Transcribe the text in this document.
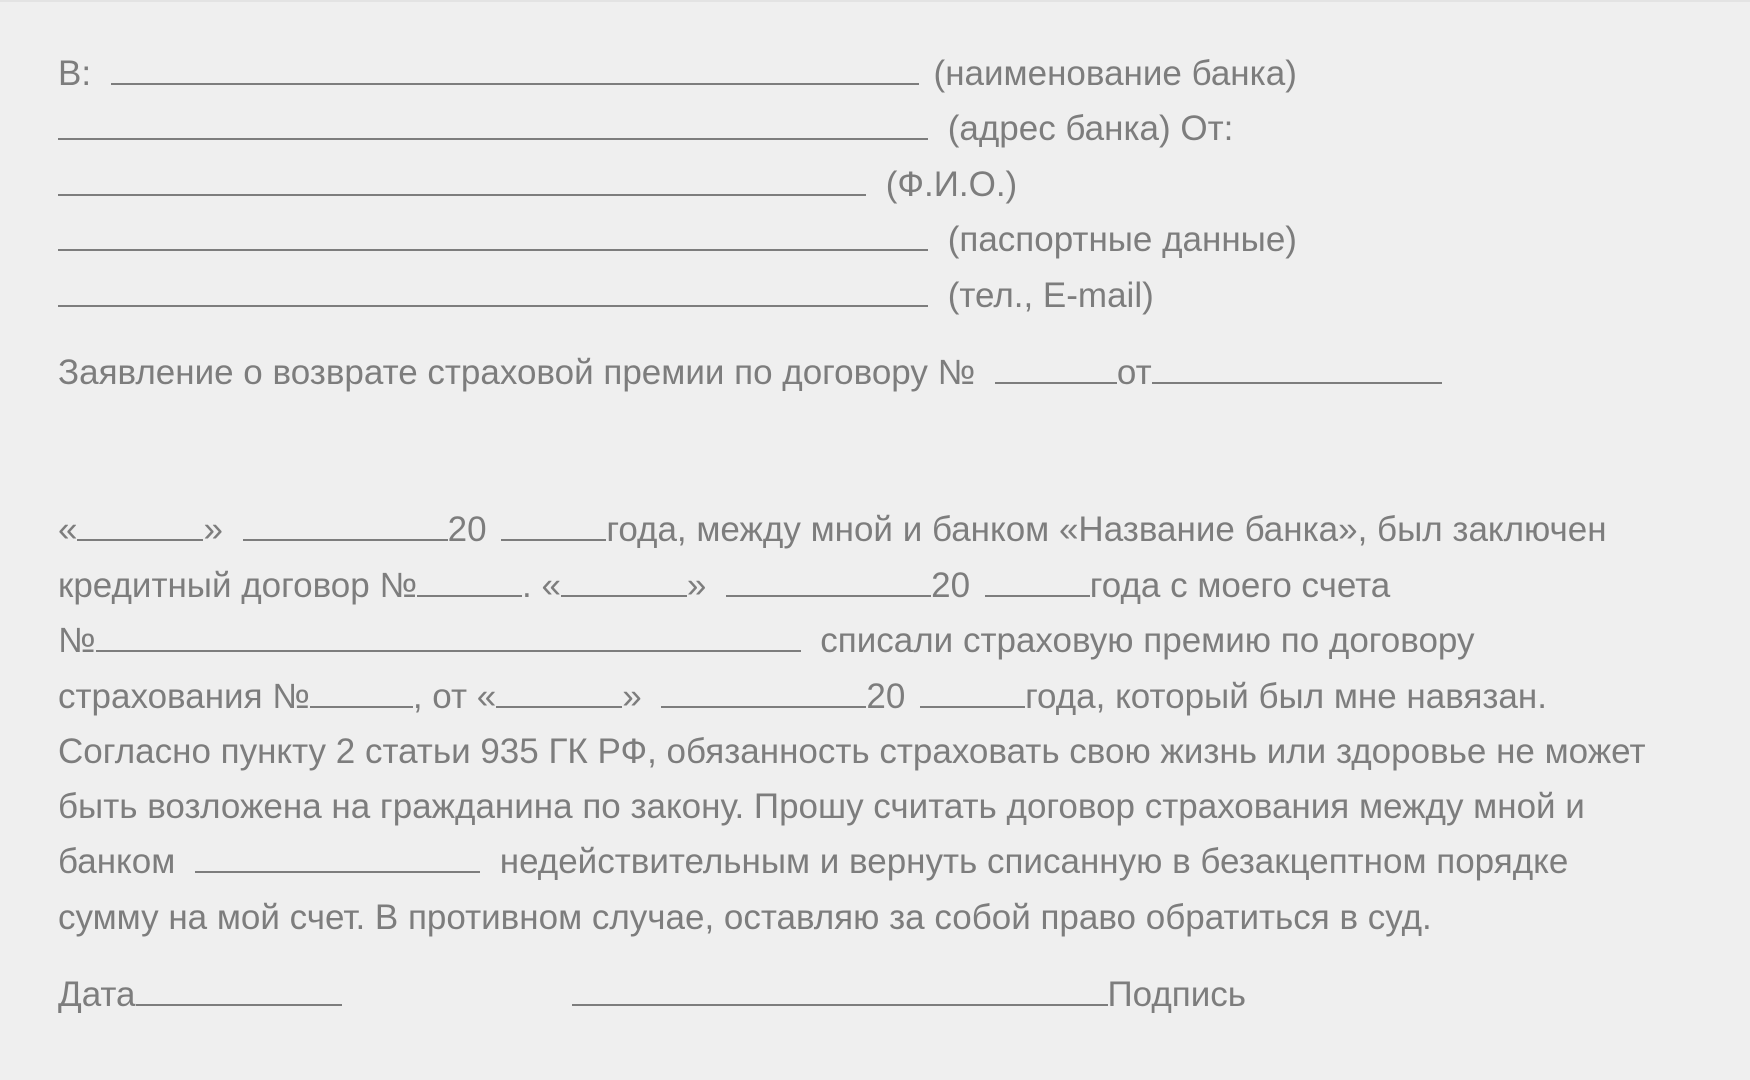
В:	(наименование банка)
(адрес банка) От:
(Ф.И.О.)
(паспортные данные)
(тел., E-mail)
Заявление о возврате страховой премии по договору №	от
«	»	20	года, между мной и банком «Название банка», был заключен
кредитный договор №	. «	»	20	года с моего счета
№	списали страховую премию по договору
страхования №	, от «	»	20	года, который был мне навязан.
Согласно пункту 2 статьи 935 ГК РФ, обязанность страховать свою жизнь или здоровье не может
быть возложена на гражданина по закону. Прошу считать договор страхования между мной и
банком	недействительным и вернуть списанную в безакцептном порядке
сумму на мой счет. В противном случае, оставляю за собой право обратиться в суд.
Дата	Подпись
